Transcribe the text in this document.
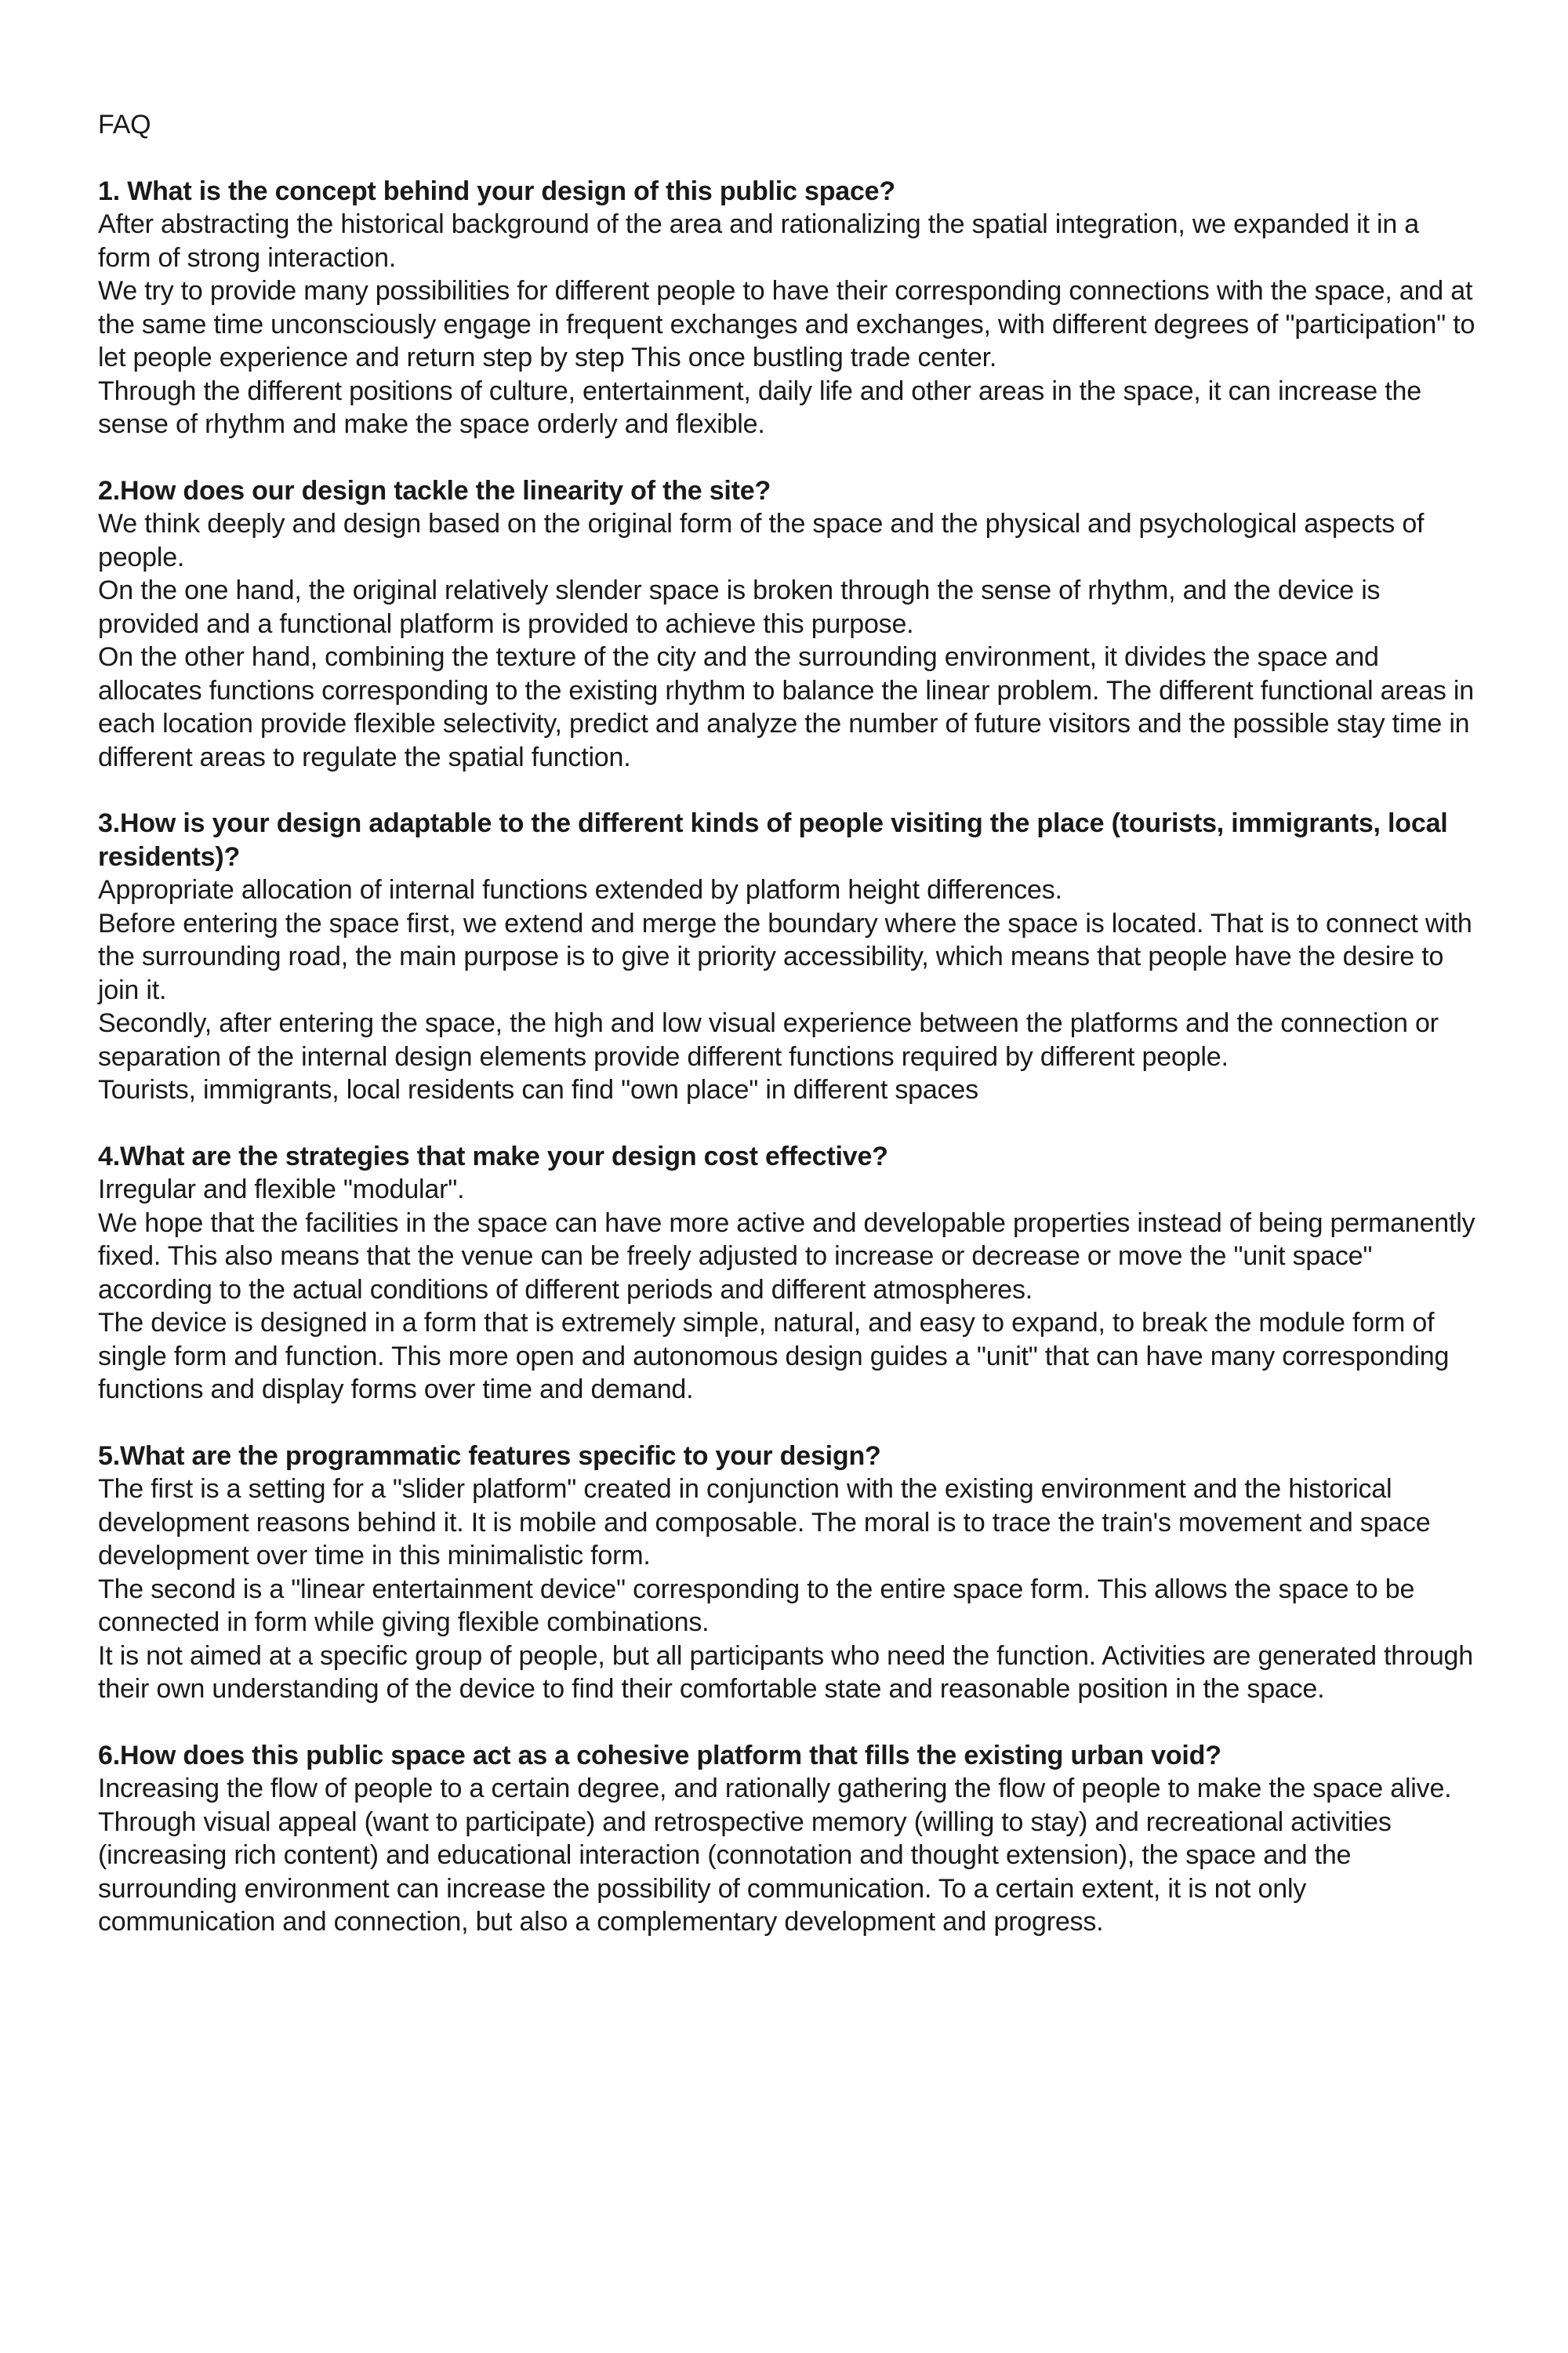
FAQ
1. What is the concept behind your design of this public space?

After abstracting the historical background of the area and rationalizing the spatial integration, we expanded it in a form of strong interaction.

We try to provide many possibilities for different people to have their corresponding connections with the space, and at the same time unconsciously engage in frequent exchanges and exchanges, with different degrees of "participation" to let people experience and return step by step This once bustling trade center.

Through the different positions of culture, entertainment, daily life and other areas in the space, it can increase the sense of rhythm and make the space orderly and flexible.

2.How does our design tackle the linearity of the site?

We think deeply and design based on the original form of the space and the physical and psychological aspects of people.

On the one hand, the original relatively slender space is broken through the sense of rhythm, and the device is provided and a functional platform is provided to achieve this purpose.

On the other hand, combining the texture of the city and the surrounding environment, it divides the space and allocates functions corresponding to the existing rhythm to balance the linear problem. The different functional areas in each location provide flexible selectivity, predict and analyze the number of future visitors and the possible stay time in different areas to regulate the spatial function.

3.How is your design adaptable to the different kinds of people visiting the place (tourists, immigrants, local residents)?

Appropriate allocation of internal functions extended by platform height differences.

Before entering the space first, we extend and merge the boundary where the space is located. That is to connect with the surrounding road, the main purpose is to give it priority accessibility, which means that people have the desire to join it.

Secondly, after entering the space, the high and low visual experience between the platforms and the connection or separation of the internal design elements provide different functions required by different people.

Tourists, immigrants, local residents can find "own place" in different spaces

4.What are the strategies that make your design cost effective?

Irregular and flexible "modular".

We hope that the facilities in the space can have more active and developable properties instead of being permanently fixed. This also means that the venue can be freely adjusted to increase or decrease or move the "unit space" according to the actual conditions of different periods and different atmospheres.

The device is designed in a form that is extremely simple, natural, and easy to expand, to break the module form of single form and function. This more open and autonomous design guides a "unit" that can have many corresponding functions and display forms over time and demand.

5.What are the programmatic features specific to your design?

The first is a setting for a "slider platform" created in conjunction with the existing environment and the historical development reasons behind it. It is mobile and composable. The moral is to trace the train's movement and space development over time in this minimalistic form.

The second is a "linear entertainment device" corresponding to the entire space form. This allows the space to be connected in form while giving flexible combinations.

It is not aimed at a specific group of people, but all participants who need the function. Activities are generated through their own understanding of the device to find their comfortable state and reasonable position in the space.

6.How does this public space act as a cohesive platform that fills the existing urban void?

Increasing the flow of people to a certain degree, and rationally gathering the flow of people to make the space alive.

Through visual appeal (want to participate) and retrospective memory (willing to stay) and recreational activities (increasing rich content) and educational interaction (connotation and thought extension), the space and the surrounding environment can increase the possibility of communication. To a certain extent, it is not only communication and connection, but also a complementary development and progress.
